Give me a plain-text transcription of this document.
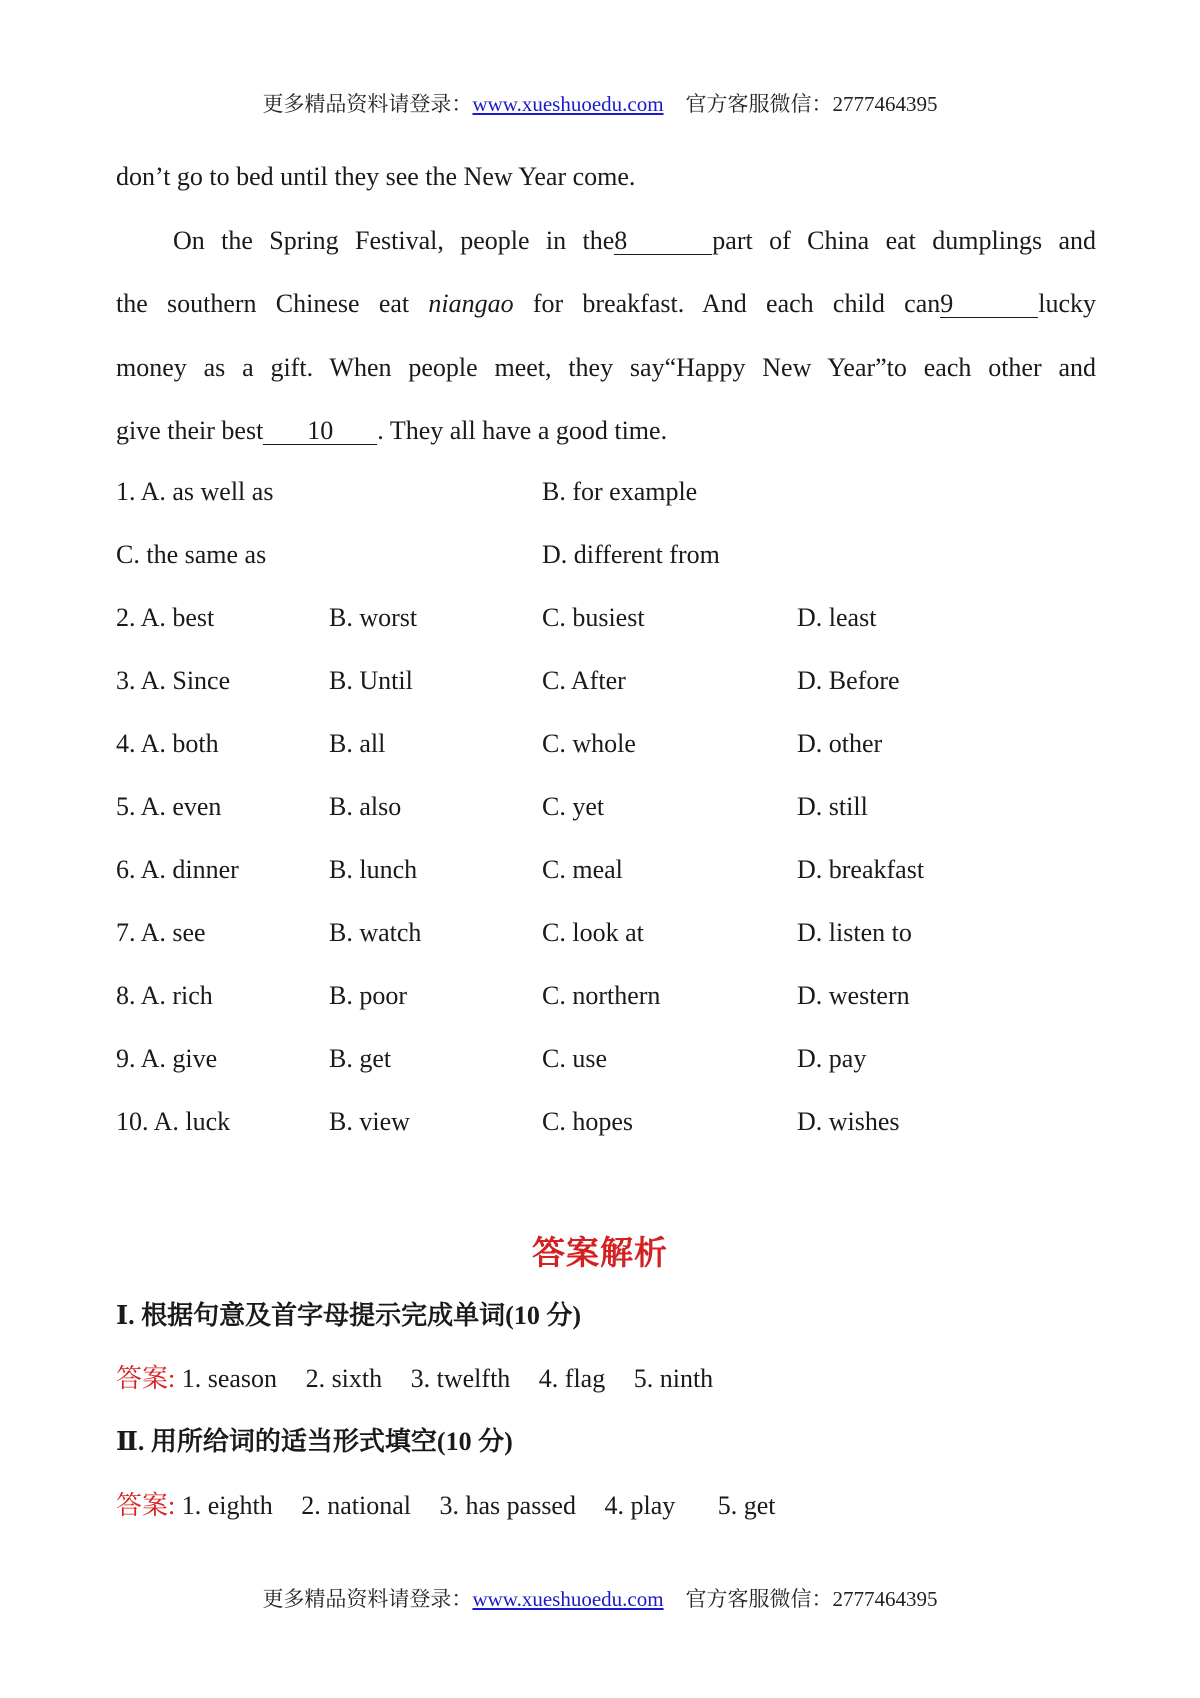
更多精品资料请登录：www.xueshuoedu.com 官方客服微信：2777464395
don’t go to bed until they see the New Year come.
On the Spring Festival, people in the8	part of China eat dumplings and
the southern Chinese eat niangao for breakfast. And each child can9	lucky
money as a gift. When people meet, they say“Happy New Year”to each other and
give their best 10 . They all have a good time.
1. A. as well as	B. for example
C. the same as	D. different from
2. A. best	B. worst	C. busiest	D. least
3. A. Since	B. Until	C. After	D. Before
4. A. both	B. all	C. whole	D. other
5. A. even	B. also	C. yet	D. still
6. A. dinner	B. lunch	C. meal	D. breakfast
7. A. see	B. watch	C. look at	D. listen to
8. A. rich	B. poor	C. northern	D. western
9. A. give	B. get	C. use	D. pay
10. A. luck	B. view	C. hopes	D. wishes
答案解析
Ⅰ. 根据句意及首字母提示完成单词(10 分)
答案: 1. season 2. sixth 3. twelfth 4. flag 5. ninth
Ⅱ. 用所给词的适当形式填空(10 分)
答案: 1. eighth 2. national 3. has passed 4. play 5. get
更多精品资料请登录：www.xueshuoedu.com 官方客服微信：2777464395
